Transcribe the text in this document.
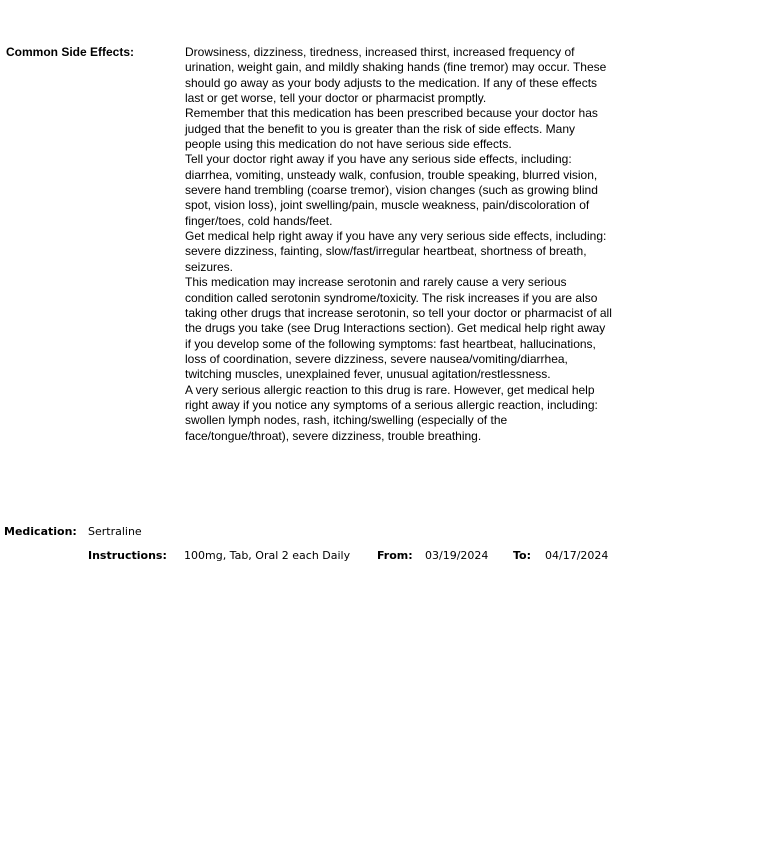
Common Side Effects:	Drowsiness, dizziness, tiredness, increased thirst, increased frequency of urination, weight gain, and mildly shaking hands (fine tremor) may occur. These should go away as your body adjusts to the medication. If any of these effects last or get worse, tell your doctor or pharmacist promptly.

Remember that this medication has been prescribed because your doctor has judged that the benefit to you is greater than the risk of side effects. Many people using this medication do not have serious side effects.

Tell your doctor right away if you have any serious side effects, including: diarrhea, vomiting, unsteady walk, confusion, trouble speaking, blurred vision, severe hand trembling (coarse tremor), vision changes (such as growing blind spot, vision loss), joint swelling/pain, muscle weakness, pain/discoloration of finger/toes, cold hands/feet.

Get medical help right away if you have any very serious side effects, including: severe dizziness, fainting, slow/fast/irregular heartbeat, shortness of breath, seizures.

This medication may increase serotonin and rarely cause a very serious condition called serotonin syndrome/toxicity. The risk increases if you are also taking other drugs that increase serotonin, so tell your doctor or pharmacist of all the drugs you take (see Drug Interactions section). Get medical help right away if you develop some of the following symptoms: fast heartbeat, hallucinations, loss of coordination, severe dizziness, severe nausea/vomiting/diarrhea, twitching muscles, unexplained fever, unusual agitation/restlessness.

A very serious allergic reaction to this drug is rare. However, get medical help right away if you notice any symptoms of a serious allergic reaction, including: swollen lymph nodes, rash, itching/swelling (especially of the face/tongue/throat), severe dizziness, trouble breathing.

Medication: Sertraline
Instructions: 100mg, Tab, Oral 2 each Daily From: 03/19/2024 To: 04/17/2024
